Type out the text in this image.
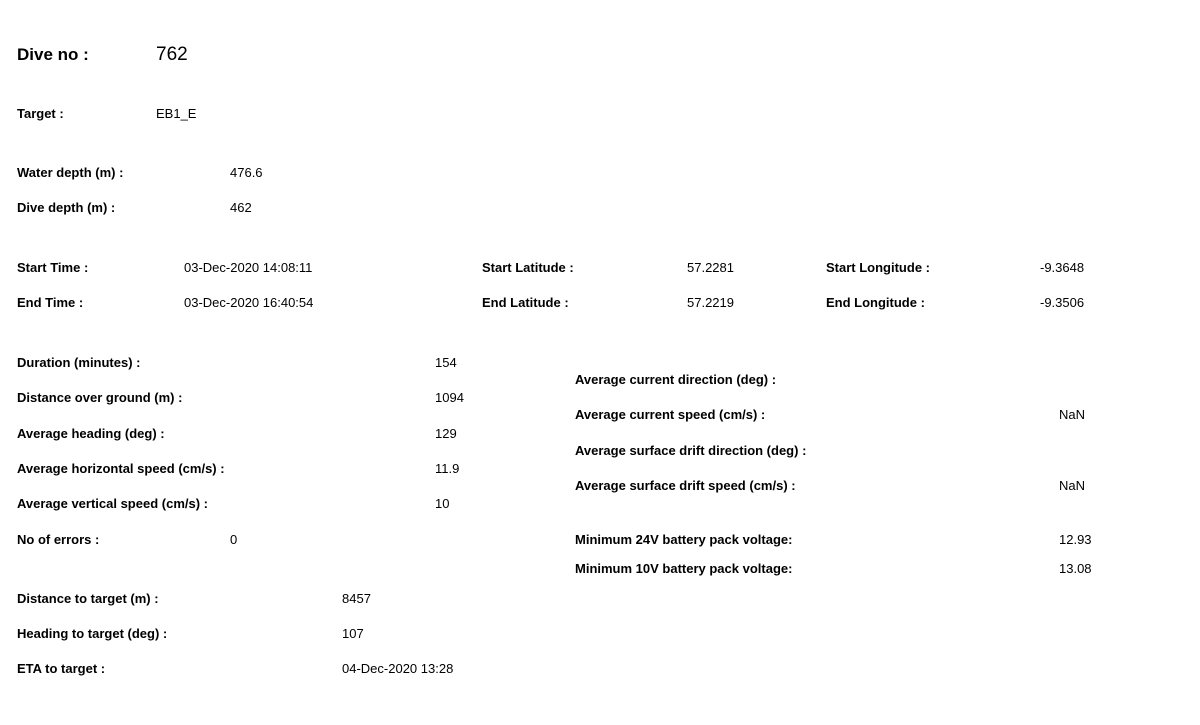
Dive no :	762
Target :	EB1_E
Water depth (m) :	476.6
Dive depth (m) :	462
Start Time :	03-Dec-2020 14:08:11
End Time :	03-Dec-2020 16:40:54
Start Latitude :	57.2281
End Latitude :	57.2219
Start Longitude :	-9.3648
End Longitude :	-9.3506
Duration (minutes) :	154
Distance over ground (m) :	1094
Average heading (deg) :	129
Average horizontal speed (cm/s) :	11.9
Average vertical speed (cm/s) :	10
No of errors :	0
Average current direction (deg) :
Average current speed (cm/s) :	NaN
Average surface drift direction (deg) :
Average surface drift speed (cm/s) :	NaN
Minimum 24V battery pack voltage:	12.93
Minimum 10V battery pack voltage:	13.08
Distance to target (m) :	8457
Heading to target (deg) :	107
ETA to target :	04-Dec-2020 13:28
